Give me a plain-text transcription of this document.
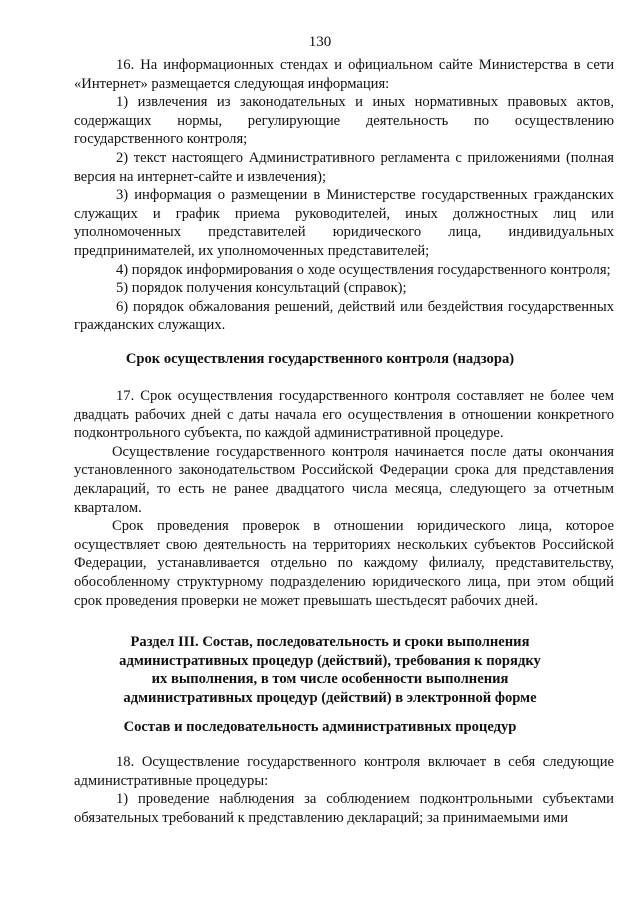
130

16. На информационных стендах и официальном сайте Министерства в сети «Интернет» размещается следующая информация:

1) извлечения из законодательных и иных нормативных правовых актов, содержащих нормы, регулирующие деятельность по осуществлению государственного контроля;

2) текст настоящего Административного регламента с приложениями (полная версия на интернет-сайте и извлечения);

3) информация о размещении в Министерстве государственных гражданских служащих и график приема руководителей, иных должностных лиц или уполномоченных представителей юридического лица, индивидуальных предпринимателей, их уполномоченных представителей;

4) порядок информирования о ходе осуществления государственного контроля;

5) порядок получения консультаций (справок);

6) порядок обжалования решений, действий или бездействия государственных гражданских служащих.

Срок осуществления государственного контроля (надзора)

17. Срок осуществления государственного контроля составляет не более чем двадцать рабочих дней с даты начала его осуществления в отношении конкретного подконтрольного субъекта, по каждой административной процедуре.

Осуществление государственного контроля начинается после даты окончания установленного законодательством Российской Федерации срока для представления деклараций, то есть не ранее двадцатого числа месяца, следующего за отчетным кварталом.

Срок проведения проверок в отношении юридического лица, которое осуществляет свою деятельность на территориях нескольких субъектов Российской Федерации, устанавливается отдельно по каждому филиалу, представительству, обособленному структурному подразделению юридического лица, при этом общий срок проведения проверки не может превышать шестьдесят рабочих дней.

Раздел III. Состав, последовательность и сроки выполнения
административных процедур (действий), требования к порядку
их выполнения, в том числе особенности выполнения
административных процедур (действий) в электронной форме
Состав и последовательность административных процедур

18. Осуществление государственного контроля включает в себя следующие административные процедуры:

1) проведение наблюдения за соблюдением подконтрольными субъектами обязательных требований к представлению деклараций; за принимаемыми ими
